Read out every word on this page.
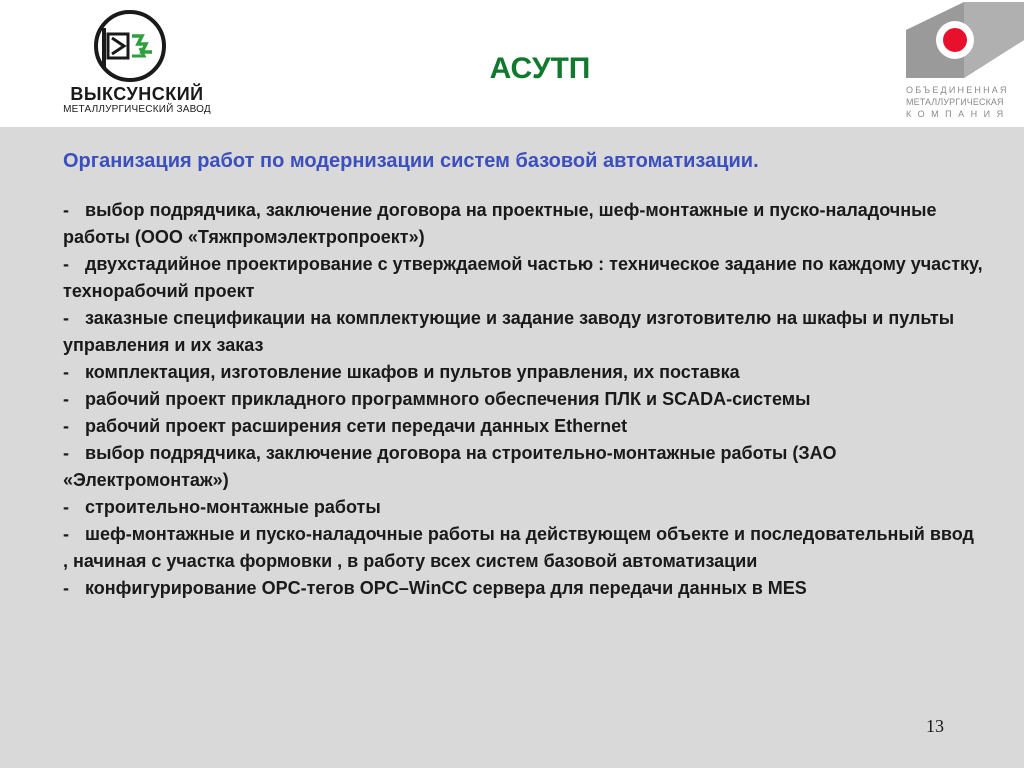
ВЫКСУНСКИЙ
МЕТАЛЛУРГИЧЕСКИЙ ЗАВОД
АСУТП
ОБЪЕДИНЕННАЯ
МЕТАЛЛУРГИЧЕСКАЯ
КОМПАНИЯ
Организация работ по модернизации систем базовой автоматизации.
- выбор подрядчика, заключение договора на проектные, шеф-монтажные и пуско-наладочные работы (ООО «Тяжпромэлектропроект»)
- двухстадийное проектирование с утверждаемой частью : техническое задание по каждому участку, технорабочий проект
- заказные спецификации на комплектующие и задание заводу изготовителю на шкафы и пульты управления и их заказ
- комплектация, изготовление шкафов и пультов управления, их поставка
- рабочий проект прикладного программного обеспечения ПЛК и SCADA-системы
- рабочий проект расширения сети передачи данных Ethernet
- выбор подрядчика, заключение договора на строительно-монтажные работы (ЗАО «Электромонтаж»)
- строительно-монтажные работы
- шеф-монтажные и пуско-наладочные работы на действующем объекте и последовательный ввод , начиная с участка формовки , в работу всех систем базовой автоматизации
- конфигурирование OPC-тегов OPC–WinCC сервера для передачи данных в MES
13
